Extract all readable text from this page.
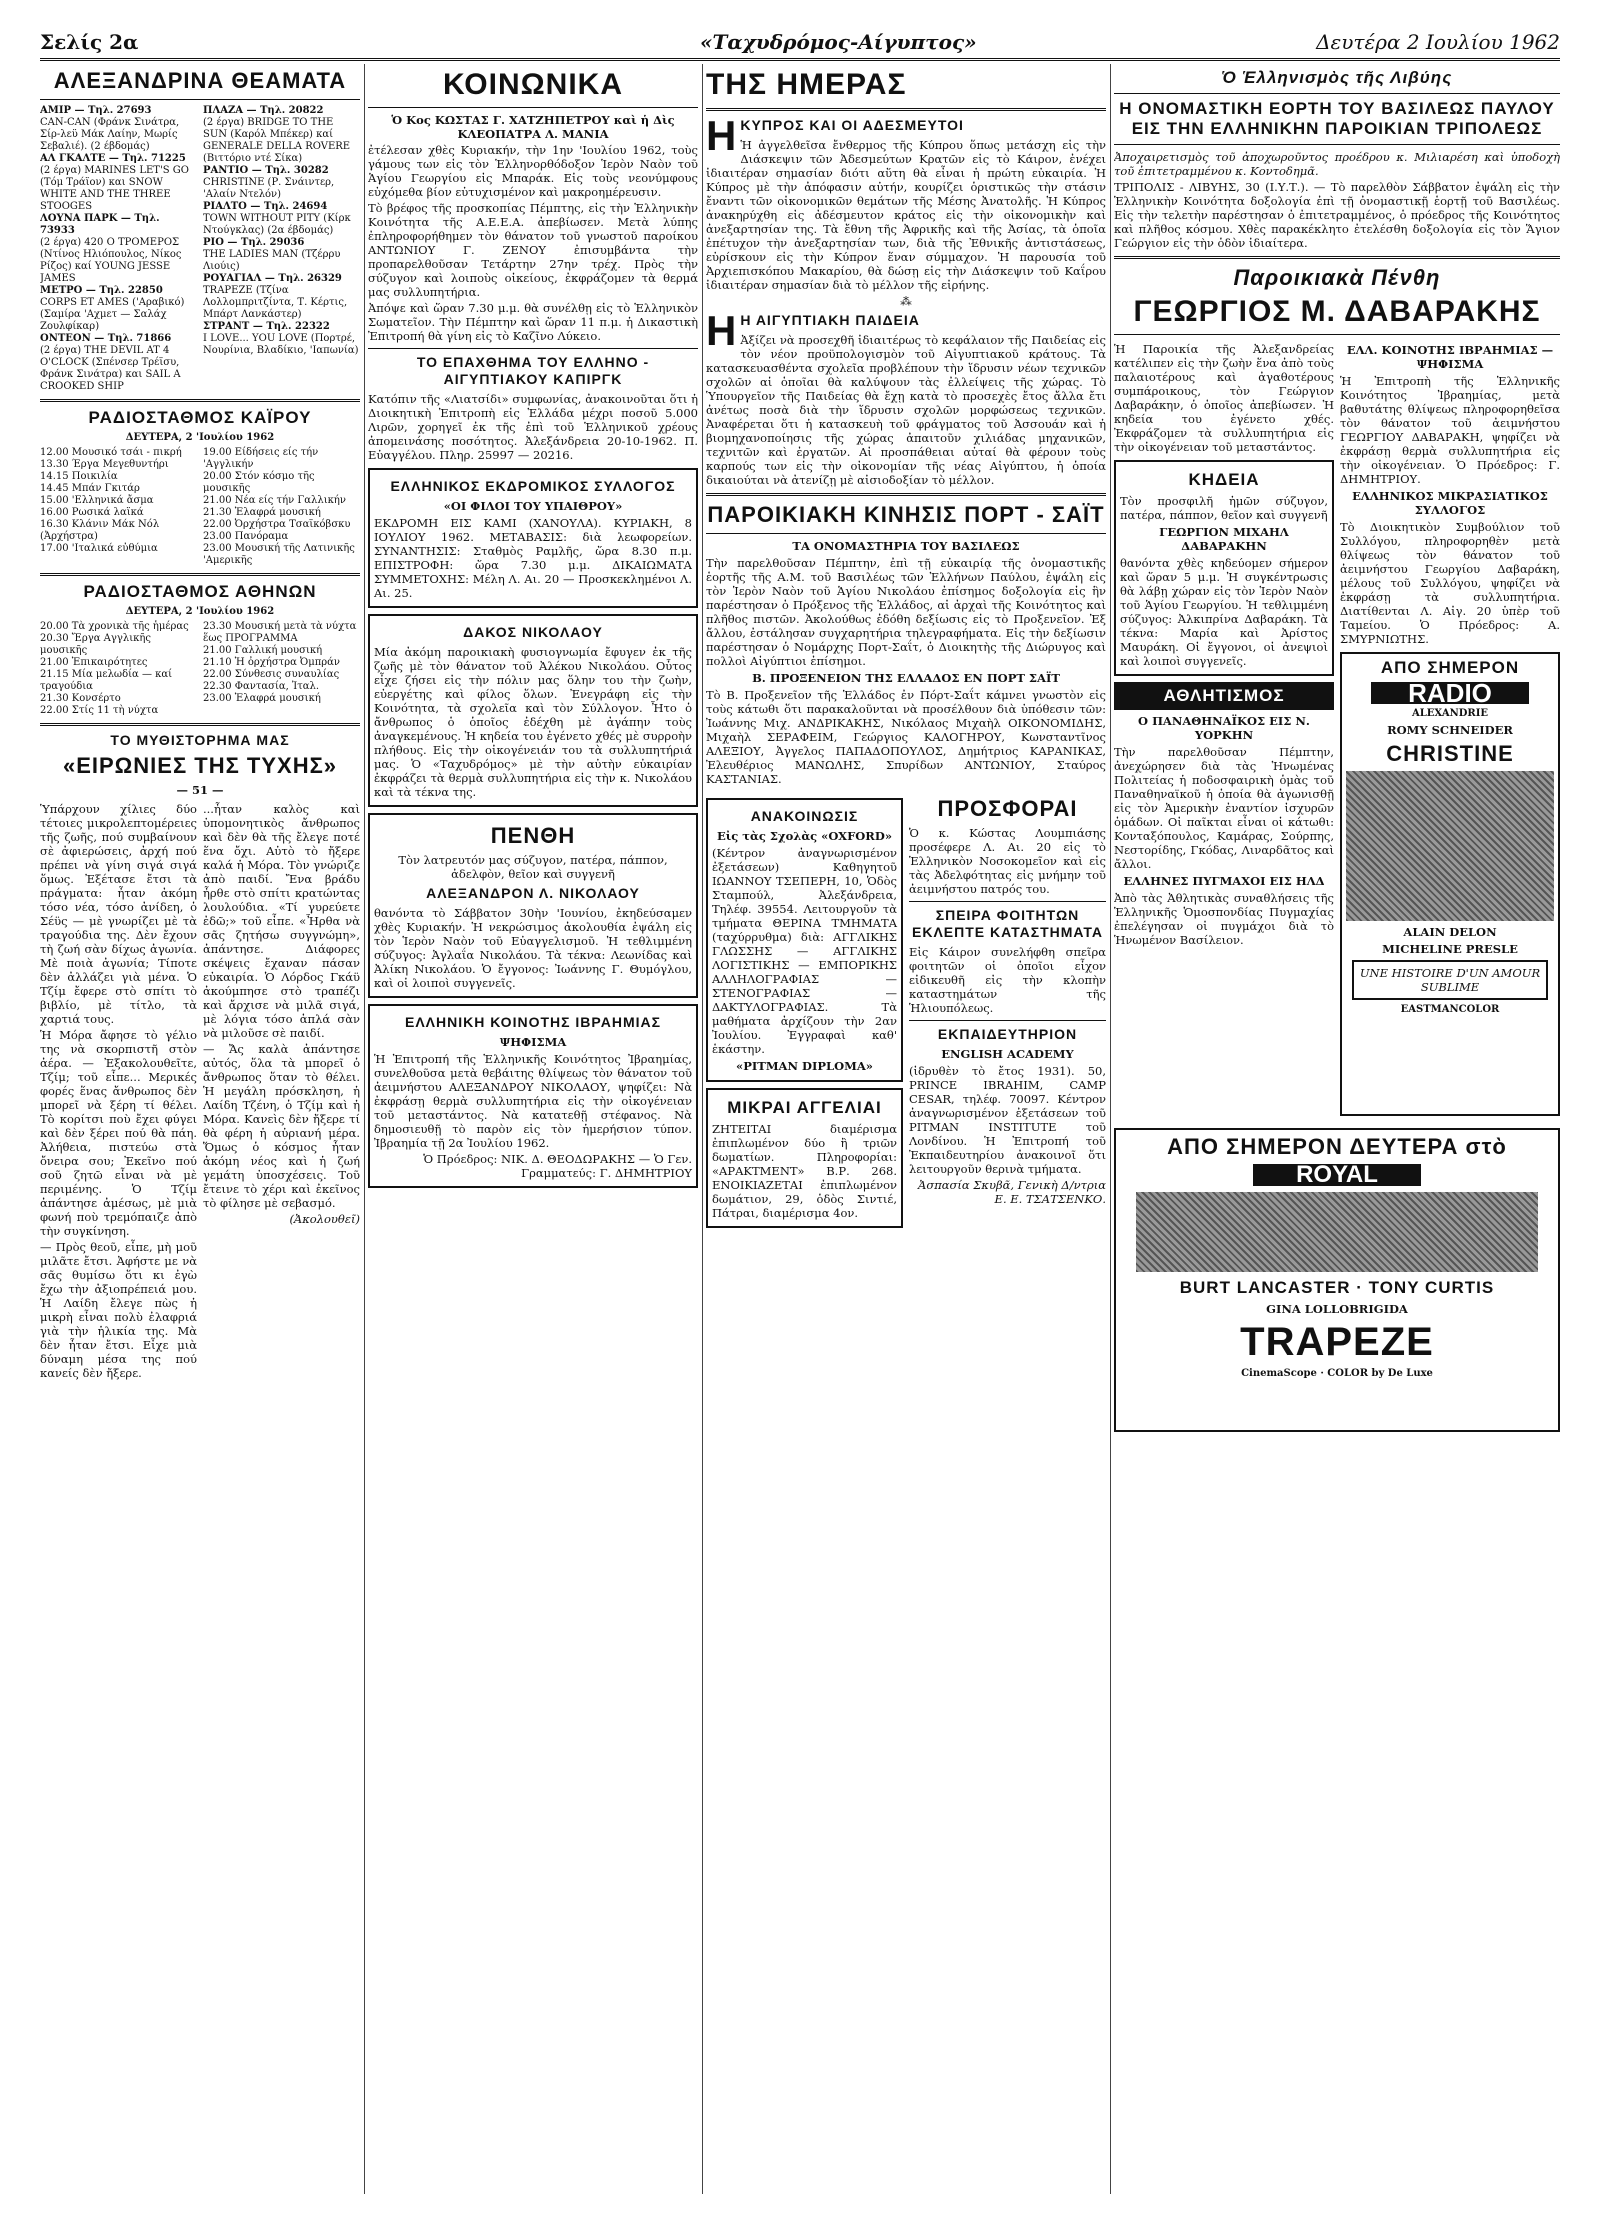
Σελίς 2α	«Ταχυδρόμος-Αίγυπτος»	Δευτέρα 2 Ιουλίου 1962
ΑΛΕΞΑΝΔΡΙΝΑ ΘΕΑΜΑΤΑ
ΑΜΙΡ — Τηλ. 27693
CAN-CAN (Φράνκ Σινάτρα, Σίρ-λεϋ Μάκ Λαίην, Μωρίς Σεβαλιέ). (2 έβδομάς)
ΑΛ ΓΚΑΛΤΕ — Τηλ. 71225
(2 έργα) MARINES LET'S GO (Τόμ Τράϊον) και SNOW WHITE AND THE THREE STOOGES
ΛΟΥΝΑ ΠΑΡΚ — Τηλ. 73933
(2 έργα) 420 Ο ΤΡΟΜΕΡΟΣ (Ντίνος Ηλιόπουλος, Νίκος Ρίζος) καί YOUNG JESSE JAMES
ΜΕΤΡΟ — Τηλ. 22850
CORPS ET AMES ('Αραβικό) (Σαμίρα 'Αχμετ — Σαλάχ Ζουλφίκαρ)
ΟΝΤΕΟΝ — Τηλ. 71866
(2 έργα) THE DEVIL AT 4 O'CLOCK (Σπένσερ Τρέϊσυ, Φράνκ Σινάτρα) και SAIL A CROOKED SHIP
ΠΛΑΖΑ — Τηλ. 20822
(2 έργα) BRIDGE TO THE SUN (Καρόλ Μπέκερ) καί GENERALE DELLA ROVERE (Βιττόριο ντέ Σίκα)
ΡΑΝΤΙΟ — Τηλ. 30282
CHRISTINE (Ρ. Σνάιντερ, 'Αλαίν Ντελόν)
ΡΙΑΛΤΟ — Τηλ. 24694
TOWN WITHOUT PITY (Κίρκ Ντούγκλας) (2α έβδομάς)
ΡΙΟ — Τηλ. 29036
THE LADIES MAN (Τζέρρυ Λιούις)
ΡΟΥΑΓΙΑΛ — Τηλ. 26329
TRAPEZE (Τζίνα Λολλομπριτζίντα, Τ. Κέρτις, Μπάρτ Λανκάστερ)
ΣΤΡΑΝΤ — Τηλ. 22322
I LOVE... YOU LOVE (Πορτρέ, Νουρίνια, Βλαδίκιο, 'Ιαπωνία)
ΡΑΔΙΟΣΤΑΘΜΟΣ ΚΑΪΡΟΥ
ΔΕΥΤΕΡΑ, 2 'Ιουλίου 1962
12.00 Μουσικό τσάι - πικρή
13.30 Έργα Μεγεθυντήρι
14.15 Ποικιλία
14.45 Μπάν Γκιτάρ
15.00 'Ελληνικά ἄσμα
16.00 Ρωσικά λαϊκά
16.30 Κλάνιν Μάκ Νόλ (Ἀρχήστρα)
17.00 'Ιταλικά εὐθύμια
19.00 Είδήσεις είς τήν 'Αγγλικήν
20.00 Στόν κόσμο τῆς μουσικῆς
21.00 Νέα είς τήν Γαλλικήν
21.30 Ἐλαφρά μουσική
22.00 Ὀρχήστρα Τσαϊκόβσκυ
23.00 Πανόραμα
23.00 Μουσική τῆς Λατινικῆς 'Αμερικῆς
ΡΑΔΙΟΣΤΑΘΜΟΣ ΑΘΗΝΩΝ
ΔΕΥΤΕΡΑ, 2 'Ιουλίου 1962
20.00 Τὰ χρονικὰ τῆς ἡμέρας
20.30 Ἔργα Αγγλικῆς μουσικῆς
21.00 Ἐπικαιρότητες
21.15 Μία μελωδία — καί τραγούδια
21.30 Κονσέρτο
22.00 Στίς 11 τὴ νύχτα
23.30 Μουσική μετὰ τὰ νύχτα
ἕως ΠΡΟΓΡΑΜΜΑ
21.00 Γαλλική μουσική
21.10 Ἡ ὀρχήστρα Ὀμπράν
22.00 Σύνθεσις συναυλίας
22.30 Φαντασία, Ἰταλ.
23.00 Ἐλαφρά μουσική
ΤΟ ΜΥΘΙΣΤΟΡΗΜΑ ΜΑΣ
«ΕΙΡΩΝΙΕΣ ΤΗΣ ΤΥΧΗΣ»
— 51 —

Ὑπάρχουν χίλιες δύο τέτοιες μικρολεπτομέρειες τῆς ζωῆς, πού συμβαίνουν σὲ ἀφιερώσεις, ἀρχή πού πρέπει νὰ γίνη σιγά σιγά ὅμως. Ἐξέτασε ἔτσι τὰ πράγματα: ἦταν ἀκόμη τόσο νέα, τόσο ἀνίδεη, ὁ Σέϋς — μὲ γνωρίζει μὲ τὰ τραγούδια της. Δὲν ἔχουν τὴ ζωή σὰν δίχως ἀγωνία. Μὲ ποιὰ ἀγωνία; Τίποτε δὲν ἀλλάζει γιὰ μένα. Ὁ Τζίμ ἔφερε στὸ σπίτι τὸ βιβλίο, μὲ τίτλο, τὰ χαρτιά τους.

Ἡ Μόρα ἄφησε τὸ γέλιο της νὰ σκορπιστῆ στὸν ἀέρα. — Ἐξακολουθεῖτε, Τζίμ; τοῦ εἶπε... Μερικές φορές ἕνας ἄνθρωπος δὲν μπορεῖ νὰ ξέρη τί θέλει. Τὸ κορίτσι ποὺ ἔχει φύγει καὶ δὲν ξέρει πού θὰ πάη. Ἀλήθεια, πιστεύω στὰ ὄνειρα σου; Ἐκεῖνο πού σοῦ ζητῶ εἶναι νὰ μὲ περιμένης. Ὁ Τζίμ ἀπάντησε ἀμέσως, μὲ μιὰ φωνή ποὺ τρεμόπαιζε ἀπὸ τὴν συγκίνηση.

— Πρὸς θεοῦ, εἶπε, μὴ μοῦ μιλᾶτε ἔτσι. Ἀφήστε με νὰ σᾶς θυμίσω ὅτι κι ἐγὼ ἔχω τὴν ἀξιοπρέπειά μου. Ἡ Λαίδη ἔλεγε πὼς ἡ μικρὴ εἶναι πολὺ ἐλαφριά γιὰ τὴν ἡλικία της. Μὰ δὲν ἦταν ἔτσι. Εἶχε μιὰ δύναμη μέσα της πού κανείς δὲν ἤξερε.

...ἦταν καλὸς καὶ ὑπομονητικὸς ἄνθρωπος καὶ δὲν θὰ τῆς ἔλεγε ποτέ ἕνα ὄχι. Αὐτὸ τὸ ἤξερε καλά ἡ Μόρα. Τὸν γνώριζε ἀπὸ παιδί. Ἔνα βράδυ ἦρθε στὸ σπίτι κρατώντας λουλούδια. «Τί γυρεύετε ἐδῶ;» τοῦ εἶπε. «Ἦρθα νὰ σᾶς ζητήσω συγγνώμη», ἀπάντησε. Διάφορες σκέψεις ἔχαναν πάσαν εὐκαιρία. Ὁ Λόρδος Γκάϋ ἀκούμπησε στὸ τραπέζι καὶ ἄρχισε νὰ μιλᾶ σιγά, μὲ λόγια τόσο ἁπλά σὰν νὰ μιλοῦσε σὲ παιδί.

— Ἄς καλὰ ἀπάντησε αὐτός, ὅλα τὰ μπορεῖ ὁ ἄνθρωπος ὅταν τὸ θέλει. Ἡ μεγάλη πρόσκληση, ἡ Λαίδη Τζένη, ὁ Τζίμ καὶ ἡ Μόρα. Κανεὶς δὲν ἤξερε τί θὰ φέρη ἡ αὐριανή μέρα. Ὅμως ὁ κόσμος ἦταν ἀκόμη νέος καὶ ἡ ζωή γεμάτη ὑποσχέσεις. Τοῦ ἔτεινε τὸ χέρι καὶ ἐκεῖνος τὸ φίλησε μὲ σεβασμό.

(Ἀκολουθεῖ)

ΚΟΙΝΩΝΙΚΑ

Ὁ Κος ΚΩΣΤΑΣ Γ. ΧΑΤΖΗΠΕΤΡΟΥ καὶ ἡ Δὶς ΚΛΕΟΠΑΤΡΑ Λ. ΜΑΝΙΑ

ἐτέλεσαν χθὲς Κυριακήν, τὴν 1ην 'Ιουλίου 1962, τοὺς γάμους των εἰς τὸν Ἑλληνορθόδοξον Ἱερὸν Ναὸν τοῦ Ἁγίου Γεωργίου εἰς Μπαράκ. Εἰς τοὺς νεονύμφους εὐχόμεθα βίον εὐτυχισμένον καὶ μακροημέρευσιν.

Τὸ βρέφος τῆς προσκοπίας Πέμπτης, εἰς τὴν Ἑλληνικὴν Κοινότητα τῆς Α.Ε.Ε.Α. ἀπεβίωσεν. Μετὰ λύπης ἐπληροφορήθημεν τὸν θάνατον τοῦ γνωστοῦ παροίκου ΑΝΤΩΝΙΟΥ Γ. ΖΕΝΟΥ ἐπισυμβάντα τὴν προπαρελθοῦσαν Τετάρτην 27ην τρέχ. Πρὸς τὴν σύζυγον καὶ λοιποὺς οἰκείους, ἐκφράζομεν τὰ θερμά μας συλλυπητήρια.

Ἀπόψε καὶ ὥραν 7.30 μ.μ. θὰ συνέλθῃ εἰς τὸ Ἑλληνικὸν Σωματεῖον. Τὴν Πέμπτην καὶ ὥραν 11 π.μ. ἡ Δικαστικὴ Ἐπιτροπή θὰ γίνη εἰς τὸ Καζῖνο Λύκειο.

ΤΟ ΕΠΑΧΘΗΜΑ ΤΟΥ ΕΛΛΗΝΟ - ΑΙΓΥΠΤΙΑΚΟΥ ΚΑΠΙΡΓΚ

Κατόπιν τῆς «Λιατσίδι» συμφωνίας, ἀνακοινοῦται ὅτι ἡ Διοικητικὴ Ἐπιτροπὴ εἰς Ἑλλάδα μέχρι ποσοῦ 5.000 Λιρῶν, χορηγεῖ ἐκ τῆς ἐπὶ τοῦ Ἑλληνικοῦ χρέους ἀπομεινάσης ποσότητος. Ἀλεξάνδρεια 20-10-1962. Π. Εὐαγγέλου. Πληρ. 25997 — 20216.

ΕΛΛΗΝΙΚΟΣ ΕΚΔΡΟΜΙΚΟΣ ΣΥΛΛΟΓΟΣ
«ΟΙ ΦΙΛΟΙ ΤΟΥ ΥΠΑΙΘΡΟΥ»

ΕΚΔΡΟΜΗ ΕΙΣ ΚΑΜΙ (ΧΑΝΟΥΛΑ). ΚΥΡΙΑΚΗ, 8 ΙΟΥΛΙΟΥ 1962. ΜΕΤΑΒΑΣΙΣ: διὰ λεωφορείων. ΣΥΝΑΝΤΗΣΙΣ: Σταθμὸς Ραμλῆς, ὥρα 8.30 π.μ. ΕΠΙΣΤΡΟΦΗ: ὥρα 7.30 μ.μ. ΔΙΚΑΙΩΜΑΤΑ ΣΥΜΜΕΤΟΧΗΣ: Μέλη Λ. Αι. 20 — Προσκεκλημένοι Λ. Αι. 25.

ΔΑΚΟΣ ΝΙΚΟΛΑΟΥ

Μία ἀκόμη παροικιακὴ φυσιογνωμία ἔφυγεν ἐκ τῆς ζωῆς μὲ τὸν θάνατον τοῦ Ἀλέκου Νικολάου. Οὗτος εἶχε ζήσει εἰς τὴν πόλιν μας ὅλην του τὴν ζωὴν, εὐεργέτης καὶ φίλος ὅλων. Ἐνεγράφη εἰς τὴν Κοινότητα, τὰ σχολεῖα καὶ τὸν Σύλλογον. Ἦτο ὁ ἄνθρωπος ὁ ὁποῖος ἐδέχθη μὲ ἀγάπην τοὺς ἀναγκεμένους. Ἡ κηδεία του ἐγένετο χθές μὲ συρροὴν πλήθους. Εἰς τὴν οἰκογένειάν του τὰ συλλυπητήριά μας. Ὁ «Ταχυδρόμος» μὲ τὴν αὐτὴν εὐκαιρίαν ἐκφράζει τὰ θερμὰ συλλυπητήρια εἰς τὴν κ. Νικολάου καὶ τὰ τέκνα της.

ΠΕΝΘΗ

Τὸν λατρευτόν μας σύζυγον, πατέρα, πάππον, ἀδελφὸν, θεῖον καὶ συγγενῆ

ΑΛΕΞΑΝΔΡΟΝ Λ. ΝΙΚΟΛΑΟΥ

θανόντα τὸ Σάββατον 30ὴν 'Ιουνίου, ἐκηδεύσαμεν χθὲς Κυριακήν. Ἡ νεκρώσιμος ἀκολουθία ἐψάλη εἰς τὸν Ἱερὸν Ναὸν τοῦ Εὐαγγελισμοῦ. Ἡ τεθλιμμένη σύζυγος: Ἀγλαΐα Νικολάου. Τὰ τέκνα: Λεωνίδας καὶ Ἀλίκη Νικολάου. Ὁ ἔγγονος: Ἰωάννης Γ. Θυμόγλου, καὶ οἱ λοιποὶ συγγενεῖς.

ΕΛΛΗΝΙΚΗ ΚΟΙΝΟΤΗΣ ΙΒΡΑΗΜΙΑΣ
ΨΗΦΙΣΜΑ

Ἡ Ἐπιτροπή τῆς Ἑλληνικῆς Κοινότητος Ἰβραημίας, συνελθοῦσα μετὰ θεβάιτης θλίψεως τὸν θάνατον τοῦ ἀειμνήστου ΑΛΕΞΑΝΔΡΟΥ ΝΙΚΟΛΑΟΥ, ψηφίζει: Νὰ ἐκφράσῃ θερμὰ συλλυπητήρια εἰς τὴν οἰκογένειαν τοῦ μεταστάντος. Νὰ κατατεθῇ στέφανος. Νὰ δημοσιευθῇ τὸ παρὸν εἰς τὸν ἡμερήσιον τύπον. Ἰβραημία τῇ 2α Ἰουλίου 1962.

Ὁ Πρόεδρος: ΝΙΚ. Δ. ΘΕΟΔΩΡΑΚΗΣ — Ὁ Γεν. Γραμματεύς: Γ. ΔΗΜΗΤΡΙΟΥ

ΤΗΣ ΗΜΕΡΑΣ
Η ΚΥΠΡΟΣ ΚΑΙ ΟΙ ΑΔΕΣΜΕΥΤΟΙ

Ἡ ἀγγελθεῖσα ἔνθερμος τῆς Κύπρου ὅπως μετάσχη εἰς τὴν Διάσκεψιν τῶν Ἀδεσμεύτων Κρατῶν εἰς τὸ Κάιρον, ἐνέχει ἰδιαιτέραν σημασίαν διότι αὕτη θὰ εἶναι ἡ πρώτη εὐκαιρία. Ἡ Κύπρος μὲ τὴν ἀπόφασιν αὐτήν, κουρίζει ὁριστικῶς τὴν στάσιν ἔναντι τῶν οἰκονομικῶν θεμάτων τῆς Μέσης Ἀνατολῆς. Ἡ Κύπρος ἀνακηρύχθη εἰς ἀδέσμευτον κράτος εἰς τὴν οἰκονομικὴν καὶ ἀνεξαρτησίαν της. Τὰ ἔθνη τῆς Ἀφρικῆς καὶ τῆς Ἀσίας, τὰ ὁποῖα ἐπέτυχον τὴν ἀνεξαρτησίαν των, διὰ τῆς Ἐθνικῆς ἀντιστάσεως, εὑρίσκουν εἰς τὴν Κύπρον ἕναν σύμμαχον. Ἡ παρουσία τοῦ Ἀρχιεπισκόπου Μακαρίου, θὰ δώσῃ εἰς τὴν Διάσκεψιν τοῦ Καΐρου ἰδιαιτέραν σημασίαν διὰ τὸ μέλλον τῆς εἰρήνης.

⁂
Η Η ΑΙΓΥΠΤΙΑΚΗ ΠΑΙΔΕΙΑ

Ἀξίζει νὰ προσεχθῆ ἰδιαιτέρως τὸ κεφάλαιον τῆς Παιδείας εἰς τὸν νέον προϋπολογισμὸν τοῦ Αἰγυπτιακοῦ κράτους. Τὰ κατασκευασθέντα σχολεῖα προβλέπουν τὴν ἵδρυσιν νέων τεχνικῶν σχολῶν αἱ ὁποῖαι θὰ καλύψουν τὰς ἐλλείψεις τῆς χώρας. Τὸ Ὑπουργεῖον τῆς Παιδείας θὰ ἔχῃ κατὰ τὸ προσεχὲς ἔτος ἄλλα ἔτι ἀνέτως ποσὰ διὰ τὴν ἵδρυσιν σχολῶν μορφώσεως τεχνικῶν. Ἀναφέρεται ὅτι ἡ κατασκευὴ τοῦ φράγματος τοῦ Ἀσσουάν καὶ ἡ βιομηχανοποίησις τῆς χώρας ἀπαιτοῦν χιλιάδας μηχανικῶν, τεχνιτῶν καὶ ἐργατῶν. Αἱ προσπάθειαι αὐταί θὰ φέρουν τοὺς καρπούς των εἰς τὴν οἰκονομίαν τῆς νέας Αἰγύπτου, ἡ ὁποία δικαιούται νὰ ἀτενίζῃ μὲ αἰσιοδοξίαν τὸ μέλλον.

ΠΑΡΟΙΚΙΑΚΗ ΚΙΝΗΣΙΣ ΠΟΡΤ - ΣΑΪΤ
ΤΑ ΟΝΟΜΑΣΤΗΡΙΑ ΤΟΥ ΒΑΣΙΛΕΩΣ

Τὴν παρελθοῦσαν Πέμπτην, ἐπὶ τῇ εὐκαιρίᾳ τῆς ὀνομαστικῆς ἑορτῆς τῆς Α.Μ. τοῦ Βασιλέως τῶν Ἑλλήνων Παύλου, ἐψάλη εἰς τὸν Ἱερὸν Ναὸν τοῦ Ἁγίου Νικολάου ἐπίσημος δοξολογία εἰς ἣν παρέστησαν ὁ Πρόξενος τῆς Ἑλλάδος, αἱ ἀρχαὶ τῆς Κοινότητος καὶ πλῆθος πιστῶν. Ἀκολούθως ἐδόθη δεξίωσις εἰς τὸ Προξενεῖον. Ἐξ ἄλλου, ἐστάλησαν συγχαρητήρια τηλεγραφήματα. Εἰς τὴν δεξίωσιν παρέστησαν ὁ Νομάρχης Πορτ-Σαΐτ, ὁ Διοικητὴς τῆς Διώρυγος καὶ πολλοὶ Αἰγύπτιοι ἐπίσημοι.

Β. ΠΡΟΞΕΝΕΙΟΝ ΤΗΣ ΕΛΛΑΔΟΣ ΕΝ ΠΟΡΤ ΣΑΪΤ

Τὸ Β. Προξενεῖον τῆς Ἑλλάδος ἐν Πόρτ-Σαΐτ κάμνει γνωστὸν εἰς τοὺς κάτωθι ὅτι παρακαλοῦνται νὰ προσέλθουν διὰ ὑπόθεσιν τῶν: Ἰωάννης Μιχ. ΑΝΔΡΙΚΑΚΗΣ, Νικόλαος Μιχαὴλ ΟΙΚΟΝΟΜΙΔΗΣ, Μιχαὴλ ΣΕΡΑΦΕΙΜ, Γεώργιος ΚΑΛΟΓΗΡΟΥ, Κωνσταντῖνος ΑΛΕΞΙΟΥ, Ἀγγελος ΠΑΠΑΔΟΠΟΥΛΟΣ, Δημήτριος ΚΑΡΑΝΙΚΑΣ, Ἐλευθέριος ΜΑΝΩΛΗΣ, Σπυρίδων ΑΝΤΩΝΙΟΥ, Σταύρος ΚΑΣΤΑΝΙΑΣ.

ΑΝΑΚΟΙΝΩΣΙΣ
Εἰς τὰς Σχολὰς «OXFORD»

(Κέντρον ἀναγνωρισμένον ἐξετάσεων) Καθηγητοῦ ΙΩΑΝΝΟΥ ΤΣΕΠΕΡΗ, 10, Ὁδὸς Σταμπούλ, Ἀλεξάνδρεια, Τηλέφ. 39554. Λειτουργοῦν τὰ τμήματα ΘΕΡΙΝΑ ΤΜΗΜΑΤΑ (ταχύρρυθμα) διὰ: ΑΓΓΛΙΚΗΣ ΓΛΩΣΣΗΣ — ΑΓΓΛΙΚΗΣ ΛΟΓΙΣΤΙΚΗΣ — ΕΜΠΟΡΙΚΗΣ ΑΛΛΗΛΟΓΡΑΦΙΑΣ — ΣΤΕΝΟΓΡΑΦΙΑΣ — ΔΑΚΤΥΛΟΓΡΑΦΙΑΣ. Τὰ μαθήματα ἀρχίζουν τὴν 2αν Ἰουλίου. Ἐγγραφαὶ καθ' ἑκάστην.

«PITMAN DIPLOMA»
ΜΙΚΡΑΙ ΑΓΓΕΛΙΑΙ

ΖΗΤΕΙΤΑΙ διαμέρισμα ἐπιπλωμένον δύο ἢ τριῶν δωματίων. Πληροφορίαι: «ΑΡΑΚΤΜΕΝΤ» Β.Ρ. 268. ΕΝΟΙΚΙΑΖΕΤΑΙ ἐπιπλωμένον δωμάτιον, 29, ὁδὸς Σιντιέ, Πάτραι, διαμέρισμα 4ον.

ΠΡΟΣΦΟΡΑΙ

Ὁ κ. Κώστας Λουμπιάσης προσέφερε Λ. Αι. 20 εἰς τὸ Ἑλληνικὸν Νοσοκομεῖον καὶ εἰς τὰς Ἀδελφότητας εἰς μνήμην τοῦ ἀειμνήστου πατρός του.

ΣΠΕΙΡΑ ΦΟΙΤΗΤΩΝ ΕΚΛΕΠΤΕ ΚΑΤΑΣΤΗΜΑΤΑ

Εἰς Κάιρον συνελήφθη σπεῖρα φοιτητῶν οἱ ὁποῖοι εἶχον εἰδικευθῆ εἰς τὴν κλοπὴν καταστημάτων τῆς Ἡλιουπόλεως.

ΕΚΠΑΙΔΕΥΤΗΡΙΟΝ
ENGLISH ACADEMY

(ἱδρυθὲν τὸ ἔτος 1931). 50, PRINCE IBRAHIM, CAMP CESAR, τηλέφ. 70097. Κέντρον ἀναγνωρισμένον ἐξετάσεων τοῦ PITMAN INSTITUTE τοῦ Λονδίνου. Ἡ Ἐπιτροπή τοῦ Ἐκπαιδευτηρίου ἀνακοινοῖ ὅτι λειτουργοῦν θερινὰ τμήματα.

Ἀσπασία Σκυβᾶ, Γενικὴ Δ/ντρια Ε. Ε. ΤΣΑΤΣΕΝΚΟ.

Ὁ Ἑλληνισμὸς τῆς Λιβύης
Η ΟΝΟΜΑΣΤΙΚΗ ΕΟΡΤΗ ΤΟΥ ΒΑΣΙΛΕΩΣ ΠΑΥΛΟΥ ΕΙΣ ΤΗΝ ΕΛΛΗΝΙΚΗΝ ΠΑΡΟΙΚΙΑΝ ΤΡΙΠΟΛΕΩΣ

Ἀποχαιρετισμὸς τοῦ ἀποχωροῦντος προέδρου κ. Μιλιαρέση καὶ ὑποδοχὴ τοῦ ἐπιτετραμμένου κ. Κοντοδημᾶ.

ΤΡΙΠΟΛΙΣ - ΛΙΒΥΗΣ, 30 (Ι.Υ.Τ.). — Τὸ παρελθὸν Σάββατον ἐψάλη εἰς τὴν Ἑλληνικὴν Κοινότητα δοξολογία ἐπὶ τῇ ὀνομαστικῇ ἑορτῇ τοῦ Βασιλέως. Εἰς τὴν τελετὴν παρέστησαν ὁ ἐπιτετραμμένος, ὁ πρόεδρος τῆς Κοινότητος καὶ πλῆθος κόσμου. Χθὲς παρακέκλητο ἐτελέσθη δοξολογία εἰς τὸν Ἅγιον Γεώργιον εἰς τὴν ὁδὸν ἰδιαίτερα.

Παροικιακὰ Πένθη
ΓΕΩΡΓΙΟΣ Μ. ΔΑΒΑΡΑΚΗΣ

Ἡ Παροικία τῆς Ἀλεξανδρείας κατέλιπεν εἰς τὴν ζωὴν ἕνα ἀπὸ τοὺς παλαιοτέρους καὶ ἀγαθοτέρους συμπάροικους, τὸν Γεώργιον Δαβαράκην, ὁ ὁποῖος ἀπεβίωσεν. Ἡ κηδεία του ἐγένετο χθές. Ἐκφράζομεν τὰ συλλυπητήρια εἰς τὴν οἰκογένειαν τοῦ μεταστάντος.

ΚΗΔΕΙΑ

Τὸν προσφιλῆ ἡμῶν σύζυγον, πατέρα, πάππον, θεῖον καὶ συγγενῆ

ΓΕΩΡΓΙΟΝ ΜΙΧΑΗΛ ΔΑΒΑΡΑΚΗΝ

θανόντα χθὲς κηδεύομεν σήμερον καὶ ὥραν 5 μ.μ. Ἡ συγκέντρωσις θὰ λάβῃ χώραν εἰς τὸν Ἱερὸν Ναὸν τοῦ Ἁγίου Γεωργίου. Ἡ τεθλιμμένη σύζυγος: Ἀλκιπρίνα Δαβαράκη. Τὰ τέκνα: Μαρία καὶ Ἀρίστος Μαυράκη. Οἱ ἔγγονοι, οἱ ἀνεψιοὶ καὶ λοιποὶ συγγενεῖς.

ΑΘΛΗΤΙΣΜΟΣ
Ο ΠΑΝΑΘΗΝΑΪΚΟΣ ΕΙΣ Ν. ΥΟΡΚΗΝ

Τὴν παρελθοῦσαν Πέμπτην, ἀνεχώρησεν διὰ τὰς Ἡνωμένας Πολιτείας ἡ ποδοσφαιρικὴ ὁμὰς τοῦ Παναθηναϊκοῦ ἡ ὁποία θὰ ἀγωνισθῇ εἰς τὸν Ἀμερικὴν ἐναντίον ἰσχυρῶν ὁμάδων. Οἱ παῖκται εἶναι οἱ κάτωθι: Κονταξόπουλος, Καμάρας, Σούρπης, Νεστορίδης, Γκόδας, Λιναρδᾶτος καὶ ἄλλοι.

ΕΛΛΗΝΕΣ ΠΥΓΜΑΧΟΙ ΕΙΣ ΗΛΔ

Ἀπὸ τὰς Ἀθλητικὰς συναθλήσεις τῆς Ἑλληνικῆς Ὁμοσπονδίας Πυγμαχίας ἐπελέγησαν οἱ πυγμάχοι διὰ τὸ Ἡνωμένον Βασίλειον.

ΕΛΛ. ΚΟΙΝΟΤΗΣ ΙΒΡΑΗΜΙΑΣ — ΨΗΦΙΣΜΑ

Ἡ Ἐπιτροπὴ τῆς Ἑλληνικῆς Κοινότητος Ἰβραημίας, μετὰ βαθυτάτης θλίψεως πληροφορηθεῖσα τὸν θάνατον τοῦ ἀειμνήστου ΓΕΩΡΓΙΟΥ ΔΑΒΑΡΑΚΗ, ψηφίζει νὰ ἐκφράσῃ θερμὰ συλλυπητήρια εἰς τὴν οἰκογένειαν. Ὁ Πρόεδρος: Γ. ΔΗΜΗΤΡΙΟΥ.

ΕΛΛΗΝΙΚΟΣ ΜΙΚΡΑΣΙΑΤΙΚΟΣ ΣΥΛΛΟΓΟΣ

Τὸ Διοικητικὸν Συμβούλιον τοῦ Συλλόγου, πληροφορηθὲν μετὰ θλίψεως τὸν θάνατον τοῦ ἀειμνήστου Γεωργίου Δαβαράκη, μέλους τοῦ Συλλόγου, ψηφίζει νὰ ἐκφράσῃ τὰ συλλυπητήρια. Διατίθενται Λ. Αἰγ. 20 ὑπὲρ τοῦ Ταμείου. Ὁ Πρόεδρος: Α. ΣΜΥΡΝΙΩΤΗΣ.

ΑΠΟ ΣΗΜΕΡΟΝ
RADIO
ALEXANDRIE
ROMY SCHNEIDER
CHRISTINE
ALAIN DELON
MICHELINE PRESLE
UNE HISTOIRE D'UN AMOUR SUBLIME
EASTMANCOLOR
ΑΠΟ ΣΗΜΕΡΟΝ ΔΕΥΤΕΡΑ στὸ
ROYAL
BURT LANCASTER · TONY CURTIS
GINA LOLLOBRIGIDA
TRAPEZE
CinemaScope · COLOR by De Luxe
